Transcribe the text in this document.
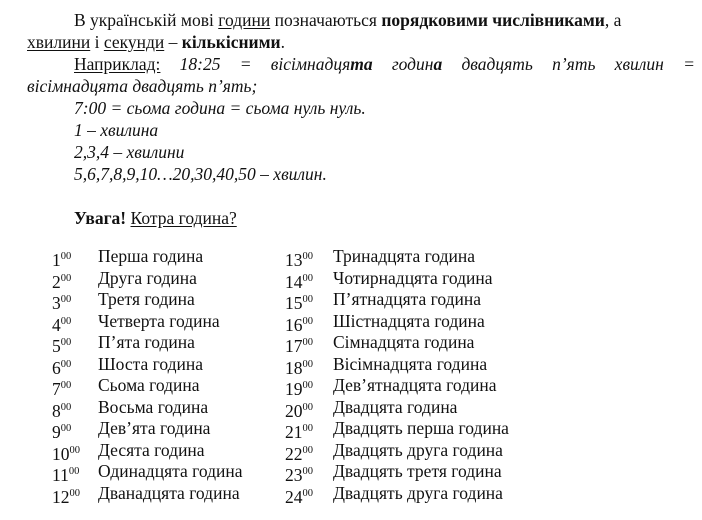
В українській мові години позначаються порядковими числівниками, а
хвилини і секунди – кількісними.
Наприклад: 18:25 = вісімнадцята година двадцять п’ять хвилин =
вісімнадцята двадцять п’ять;
7:00 = сьома година = сьома нуль нуль.
1 – хвилина
2,3,4 – хвилини
5,6,7,8,9,10…20,30,40,50 – хвилин.
Увага! Котра година?
$1^{00}$ Перша година
$2^{00}$ Друга година
$3^{00}$ Третя година
$4^{00}$ Четверта година
$5^{00}$ П’ята година
$6^{00}$ Шоста година
$7^{00}$ Сьома година
$8^{00}$ Восьма година
$9^{00}$ Дев’ята година
$10^{00}$ Десята година
$11^{00}$ Одинадцята година
$12^{00}$ Дванадцята година
$13^{00}$ Тринадцята година
$14^{00}$ Чотирнадцята година
$15^{00}$ П’ятнадцята година
$16^{00}$ Шістнадцята година
$17^{00}$ Сімнадцята година
$18^{00}$ Вісімнадцята година
$19^{00}$ Дев’ятнадцята година
$20^{00}$ Двадцята година
$21^{00}$ Двадцять перша година
$22^{00}$ Двадцять друга година
$23^{00}$ Двадцять третя година
$24^{00}$ Двадцять друга година
